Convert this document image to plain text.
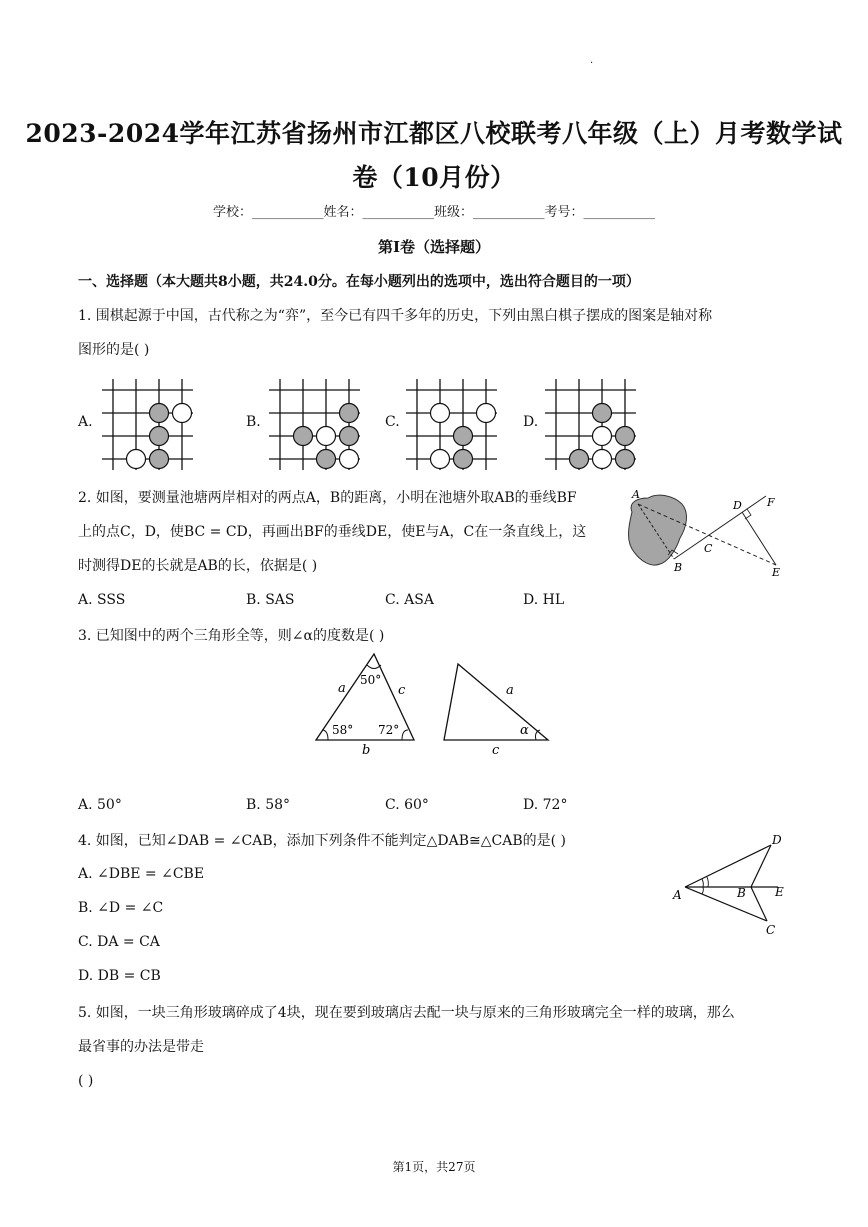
·
2023-2024学年江苏省扬州市江都区八校联考八年级（上）月考数学试
卷（10月份）
学校：___________姓名：___________班级：___________考号：___________
第I卷（选择题）
一、选择题（本大题共8小题，共24.0分。在每小题列出的选项中，选出符合题目的一项）
1. 围棋起源于中国，古代称之为“弈”，至今已有四千多年的历史，下列由黑白棋子摆成的图案是轴对称
图形的是( )
A.	B.	C.	D.
2. 如图，要测量池塘两岸相对的两点A，B的距离，小明在池塘外取AB的垂线BF
上的点C，D，使BC = CD，再画出BF的垂线DE，使E与A，C在一条直线上，这
时测得DE的长就是AB的长，依据是( )
A
D F
C
B	E
A. SSS	B. SAS	C. ASA	D. HL
3. 已知图中的两个三角形全等，则∠α的度数是( )
a	c
50°
58° 72°
b
a
α
c
A. 50°	B. 58°	C. 60°	D. 72°
4. 如图，已知∠DAB = ∠CAB，添加下列条件不能判定△DAB≅△CAB的是( )
A. ∠DBE = ∠CBE
B. ∠D = ∠C
C. DA = CA
D. DB = CB
D
A	B E
C
5. 如图，一块三角形玻璃碎成了4块，现在要到玻璃店去配一块与原来的三角形玻璃完全一样的玻璃，那么
最省事的办法是带走
( )
第1页，共27页
